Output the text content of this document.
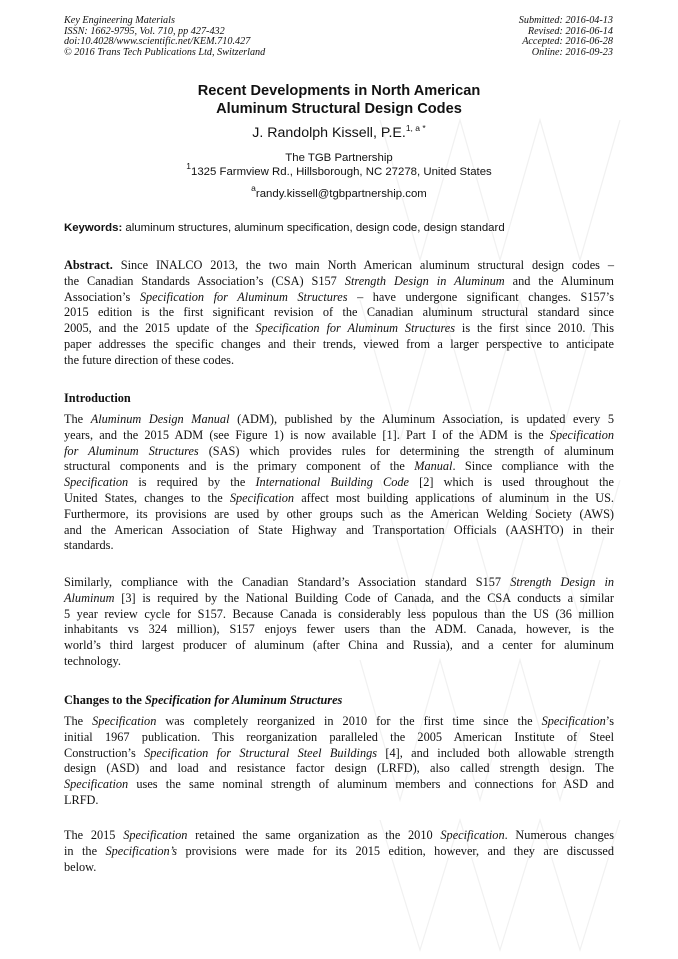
Key Engineering Materials
ISSN: 1662-9795, Vol. 710, pp 427-432
doi:10.4028/www.scientific.net/KEM.710.427
© 2016 Trans Tech Publications Ltd, Switzerland
Submitted: 2016-04-13
Revised: 2016-06-14
Accepted: 2016-06-28
Online: 2016-09-23
Recent Developments in North American
Aluminum Structural Design Codes
J. Randolph Kissell, P.E.$^{1, a *}$
The TGB Partnership
$^1$1325 Farmview Rd., Hillsborough, NC 27278, United States
$^a$randy.kissell@tgbpartnership.com
Keywords: aluminum structures, aluminum specification, design code, design standard
Abstract. Since INALCO 2013, the two main North American aluminum structural design codes –
the Canadian Standards Association’s (CSA) S157 Strength Design in Aluminum and the Aluminum
Association’s Specification for Aluminum Structures – have undergone significant changes. S157’s
2015 edition is the first significant revision of the Canadian aluminum structural standard since
2005, and the 2015 update of the Specification for Aluminum Structures is the first since 2010. This
paper addresses the specific changes and their trends, viewed from a larger perspective to anticipate
the future direction of these codes.
Introduction
The Aluminum Design Manual (ADM), published by the Aluminum Association, is updated every 5
years, and the 2015 ADM (see Figure 1) is now available [1]. Part I of the ADM is the Specification
for Aluminum Structures (SAS) which provides rules for determining the strength of aluminum
structural components and is the primary component of the Manual. Since compliance with the
Specification is required by the International Building Code [2] which is used throughout the
United States, changes to the Specification affect most building applications of aluminum in the US.
Furthermore, its provisions are used by other groups such as the American Welding Society (AWS)
and the American Association of State Highway and Transportation Officials (AASHTO) in their
standards.
Similarly, compliance with the Canadian Standard’s Association standard S157 Strength Design in
Aluminum [3] is required by the National Building Code of Canada, and the CSA conducts a similar
5 year review cycle for S157. Because Canada is considerably less populous than the US (36 million
inhabitants vs 324 million), S157 enjoys fewer users than the ADM. Canada, however, is the
world’s third largest producer of aluminum (after China and Russia), and a center for aluminum
technology.
Changes to the Specification for Aluminum Structures
The Specification was completely reorganized in 2010 for the first time since the Specification’s
initial 1967 publication. This reorganization paralleled the 2005 American Institute of Steel
Construction’s Specification for Structural Steel Buildings [4], and included both allowable strength
design (ASD) and load and resistance factor design (LRFD), also called strength design. The
Specification uses the same nominal strength of aluminum members and connections for ASD and
LRFD.
The 2015 Specification retained the same organization as the 2010 Specification. Numerous changes
in the Specification’s provisions were made for its 2015 edition, however, and they are discussed
below.
